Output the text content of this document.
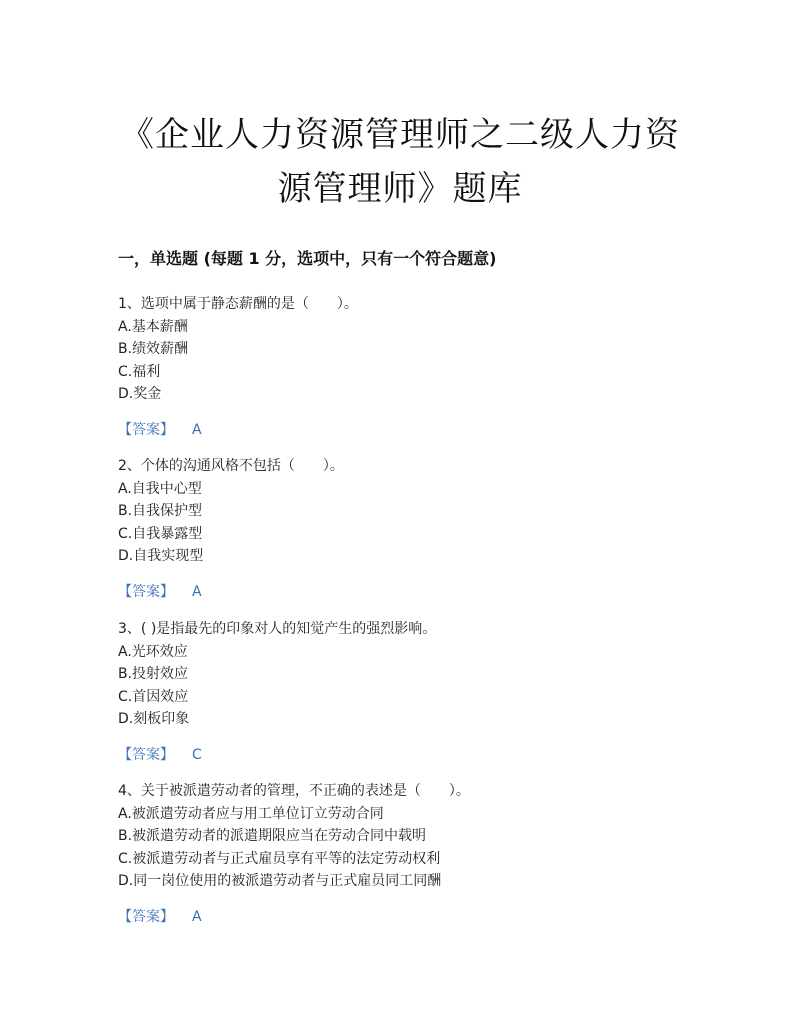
《企业人力资源管理师之二级人力资
源管理师》题库
一，单选题 (每题 1 分，选项中，只有一个符合题意)
1、选项中属于静态薪酬的是（　　）。
A.基本薪酬
B.绩效薪酬
C.福利
D.奖金
【答案】 A
2、个体的沟通风格不包括（　　）。
A.自我中心型
B.自我保护型
C.自我暴露型
D.自我实现型
【答案】 A
3、( )是指最先的印象对人的知觉产生的强烈影响。
A.光环效应
B.投射效应
C.首因效应
D.刻板印象
【答案】 C
4、关于被派遣劳动者的管理，不正确的表述是（　　）。
A.被派遣劳动者应与用工单位订立劳动合同
B.被派遣劳动者的派遣期限应当在劳动合同中载明
C.被派遣劳动者与正式雇员享有平等的法定劳动权利
D.同一岗位使用的被派遣劳动者与正式雇员同工同酬
【答案】 A
